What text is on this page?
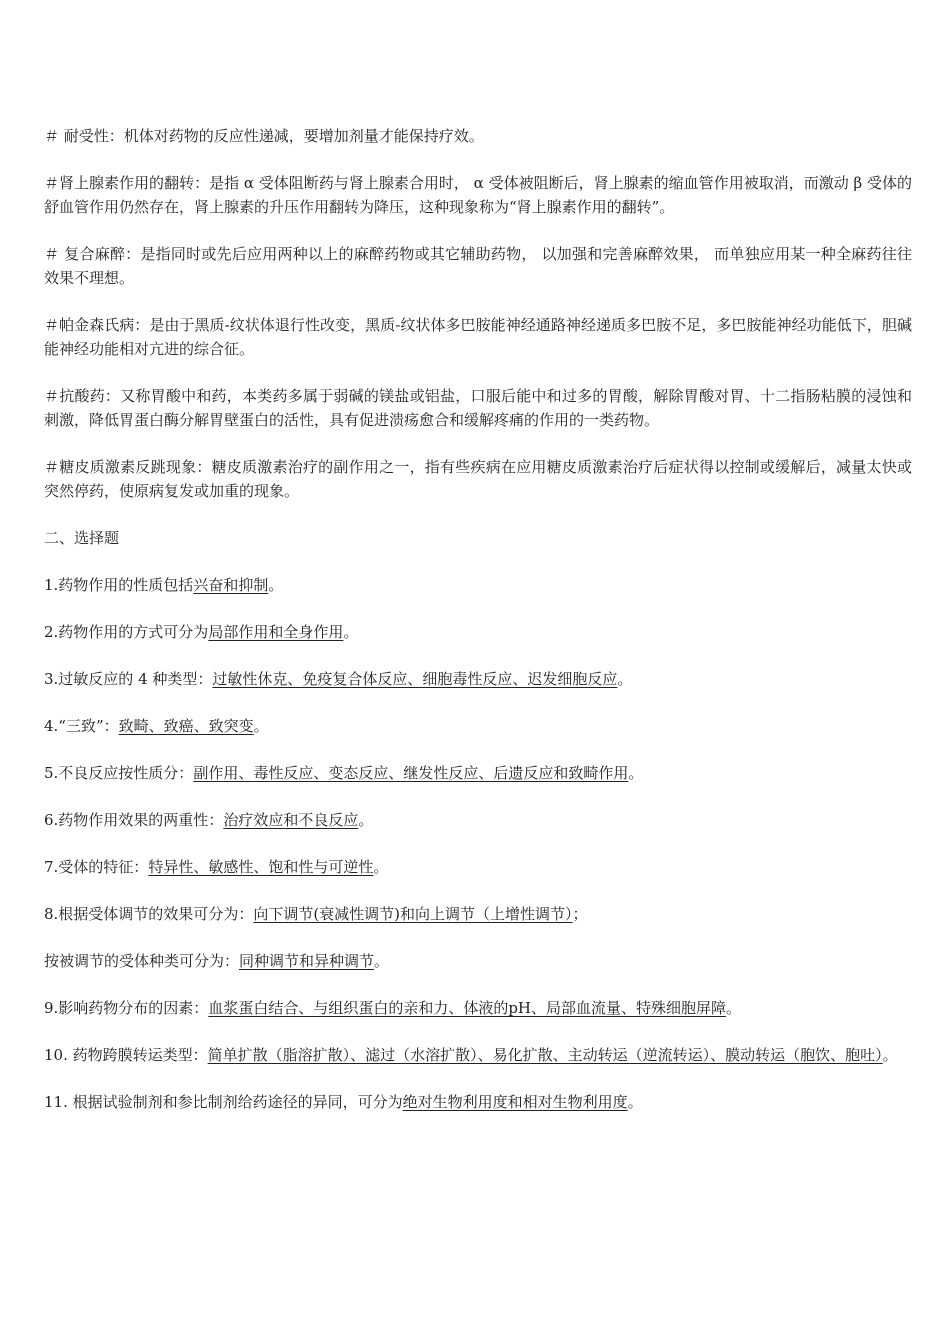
＃ 耐受性：机体对药物的反应性递减，要增加剂量才能保持疗效。

＃肾上腺素作用的翻转：是指 α 受体阻断药与肾上腺素合用时， α 受体被阻断后，肾上腺素的缩血管作用被取消，而激动 β 受体的舒血管作用仍然存在，肾上腺素的升压作用翻转为降压，这种现象称为“肾上腺素作用的翻转”。

＃ 复合麻醉：是指同时或先后应用两种以上的麻醉药物或其它辅助药物， 以加强和完善麻醉效果， 而单独应用某一种全麻药往往效果不理想。

＃帕金森氏病：是由于黑质-纹状体退行性改变，黑质-纹状体多巴胺能神经通路神经递质多巴胺不足，多巴胺能神经功能低下，胆碱能神经功能相对亢进的综合征。

＃抗酸药：又称胃酸中和药，本类药多属于弱碱的镁盐或铝盐，口服后能中和过多的胃酸，解除胃酸对胃、十二指肠粘膜的浸蚀和刺激，降低胃蛋白酶分解胃壁蛋白的活性，具有促进溃疡愈合和缓解疼痛的作用的一类药物。

＃糖皮质激素反跳现象：糖皮质激素治疗的副作用之一，指有些疾病在应用糖皮质激素治疗后症状得以控制或缓解后，减量太快或突然停药，使原病复发或加重的现象。

二、选择题

1.药物作用的性质包括兴奋和抑制。

2.药物作用的方式可分为局部作用和全身作用。

3.过敏反应的 4 种类型：过敏性休克、免疫复合体反应、细胞毒性反应、迟发细胞反应。

4.“三致”：致畸、致癌、致突变。

5.不良反应按性质分：副作用、毒性反应、变态反应、继发性反应、后遗反应和致畸作用。

6.药物作用效果的两重性：治疗效应和不良反应。

7.受体的特征：特异性、敏感性、饱和性与可逆性。

8.根据受体调节的效果可分为：向下调节(衰减性调节)和向上调节（上增性调节）；

按被调节的受体种类可分为：同种调节和异种调节。

9.影响药物分布的因素：血浆蛋白结合、与组织蛋白的亲和力、体液的pH、局部血流量、特殊细胞屏障。

10. 药物跨膜转运类型：简单扩散（脂溶扩散）、滤过（水溶扩散）、易化扩散、主动转运（逆流转运）、膜动转运（胞饮、胞吐）。

11. 根据试验制剂和参比制剂给药途径的异同，可分为绝对生物利用度和相对生物利用度。
